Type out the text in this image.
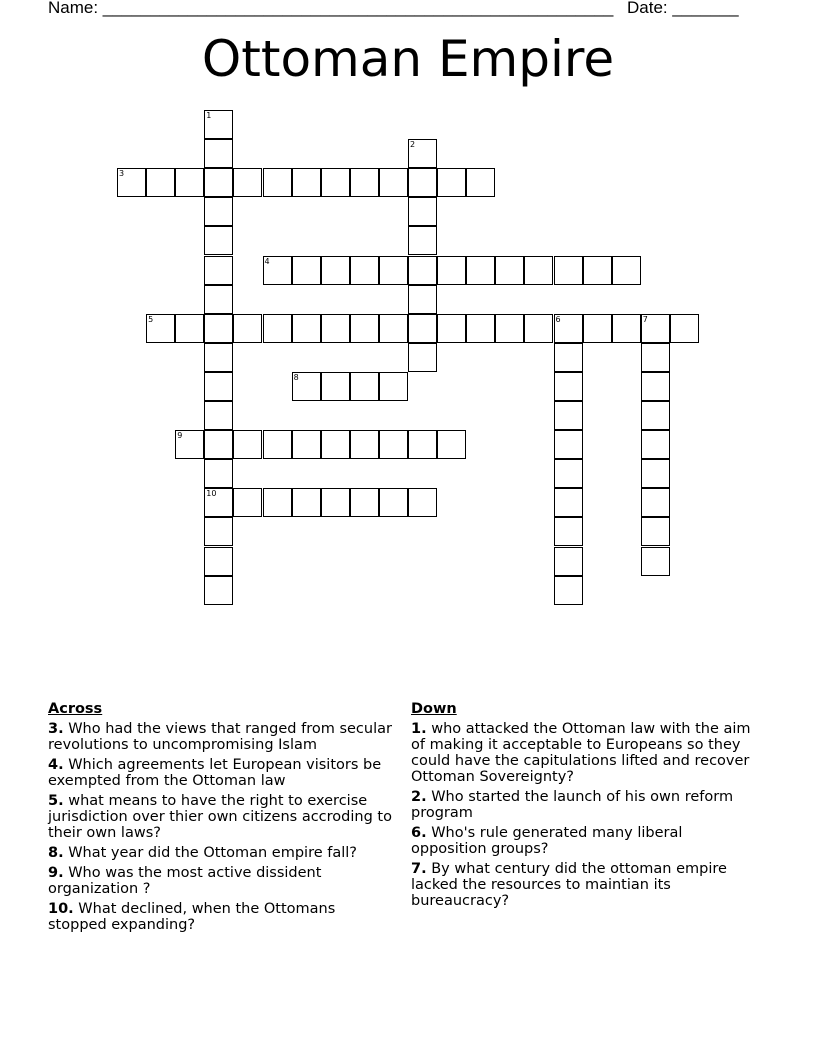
Name: ______________________________________________________ Date: _______
Ottoman Empire
1
10
2
3
4
5	6	7
8
9
Across
3. Who had the views that ranged from secular revolutions to uncompromising Islam
4. Which agreements let European visitors be exempted from the Ottoman law
5. what means to have the right to exercise jurisdiction over thier own citizens accroding to their own laws?
8. What year did the Ottoman empire fall?
9. Who was the most active dissident organization ?
10. What declined, when the Ottomans stopped expanding?
Down
1. who attacked the Ottoman law with the aim of making it acceptable to Europeans so they could have the capitulations lifted and recover Ottoman Sovereignty?
2. Who started the launch of his own reform program
6. Who's rule generated many liberal opposition groups?
7. By what century did the ottoman empire lacked the resources to maintian its bureaucracy?
